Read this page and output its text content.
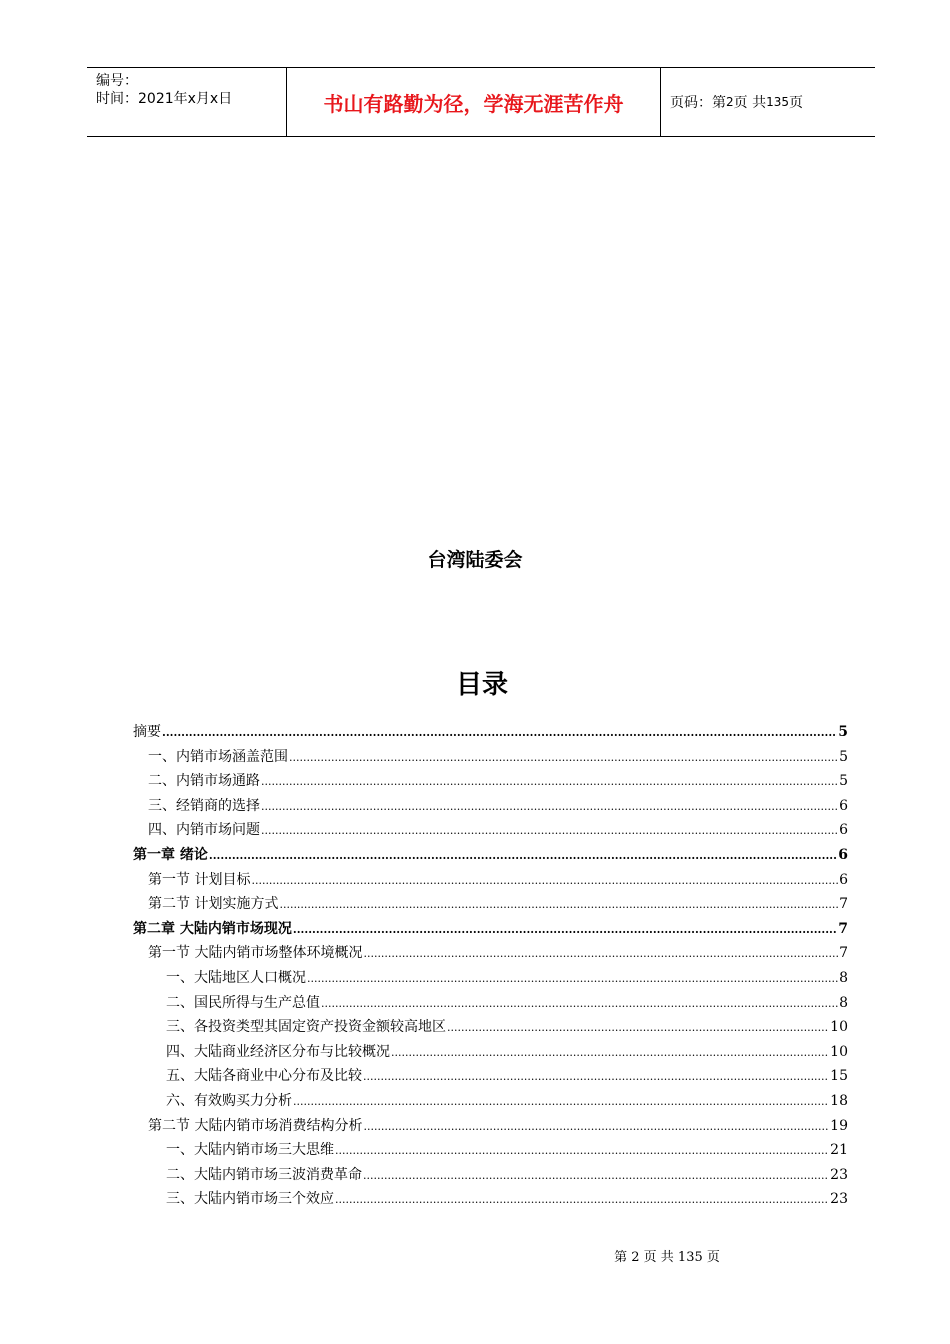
编号：
时间：2021年x月x日	书山有路勤为径，学海无涯苦作舟	页码：第 2 页 共 135 页
台湾陆委会
目录
摘要 .....	5
一、内销市场涵盖范围 .....	5
二、内销市场通路 .....	5
三、经销商的选择 .....	6
四、内销市场问题 .....	6
第一章 绪论 .....	6
第一节 计划目标 .....	6
第二节 计划实施方式 .....	7
第二章 大陆内销市场现况 .....	7
第一节 大陆内销市场整体环境概况 .....	7
一、大陆地区人口概况 .....	8
二、国民所得与生产总值 .....	8
三、各投资类型其固定资产投资金额较高地区 .....	10
四、大陆商业经济区分布与比较概况 .....	10
五、大陆各商业中心分布及比较 .....	15
六、有效购买力分析 .....	18
第二节 大陆内销市场消费结构分析 .....	19
一、大陆内销市场三大思维 .....	21
二、大陆内销市场三波消费革命 .....	23
三、大陆内销市场三个效应 .....	23
第 2 页 共 135 页
